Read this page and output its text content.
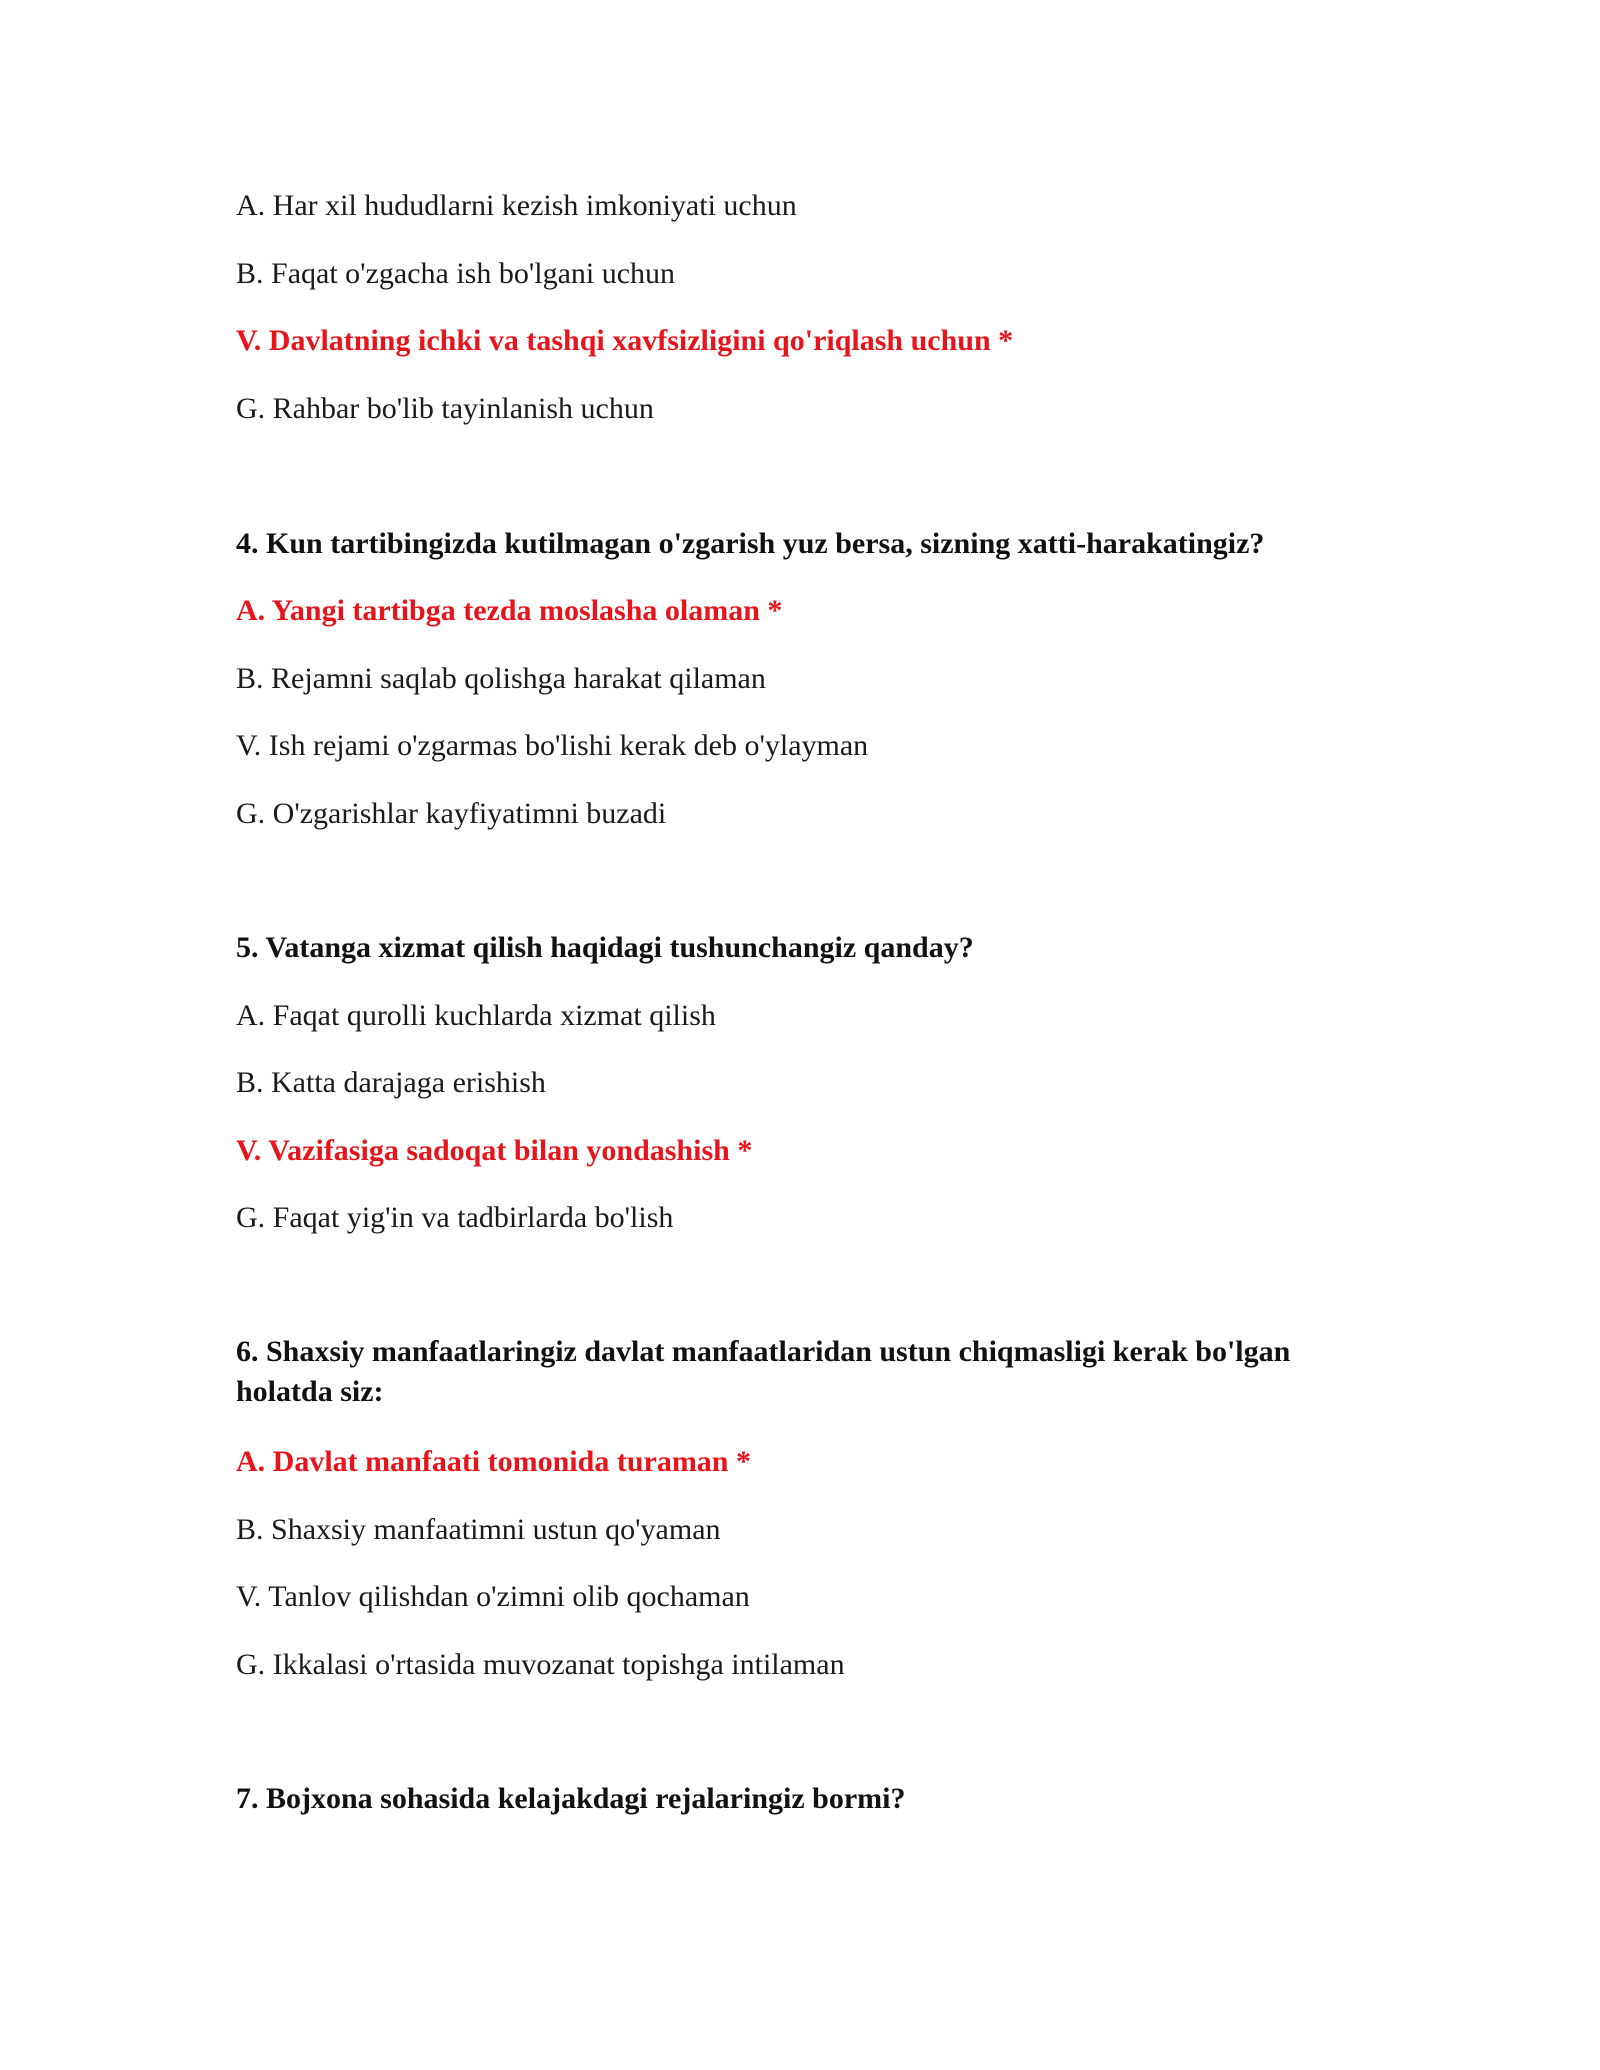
A. Har xil hududlarni kezish imkoniyati uchun
B. Faqat o'zgacha ish bo'lgani uchun
V. Davlatning ichki va tashqi xavfsizligini qo'riqlash uchun *
G. Rahbar bo'lib tayinlanish uchun
4. Kun tartibingizda kutilmagan o'zgarish yuz bersa, sizning xatti-harakatingiz?
A. Yangi tartibga tezda moslasha olaman *
B. Rejamni saqlab qolishga harakat qilaman
V. Ish rejami o'zgarmas bo'lishi kerak deb o'ylayman
G. O'zgarishlar kayfiyatimni buzadi
5. Vatanga xizmat qilish haqidagi tushunchangiz qanday?
A. Faqat qurolli kuchlarda xizmat qilish
B. Katta darajaga erishish
V. Vazifasiga sadoqat bilan yondashish *
G. Faqat yig'in va tadbirlarda bo'lish
6. Shaxsiy manfaatlaringiz davlat manfaatlaridan ustun chiqmasligi kerak bo'lgan holatda siz:
A. Davlat manfaati tomonida turaman *
B. Shaxsiy manfaatimni ustun qo'yaman
V. Tanlov qilishdan o'zimni olib qochaman
G. Ikkalasi o'rtasida muvozanat topishga intilaman
7. Bojxona sohasida kelajakdagi rejalaringiz bormi?
